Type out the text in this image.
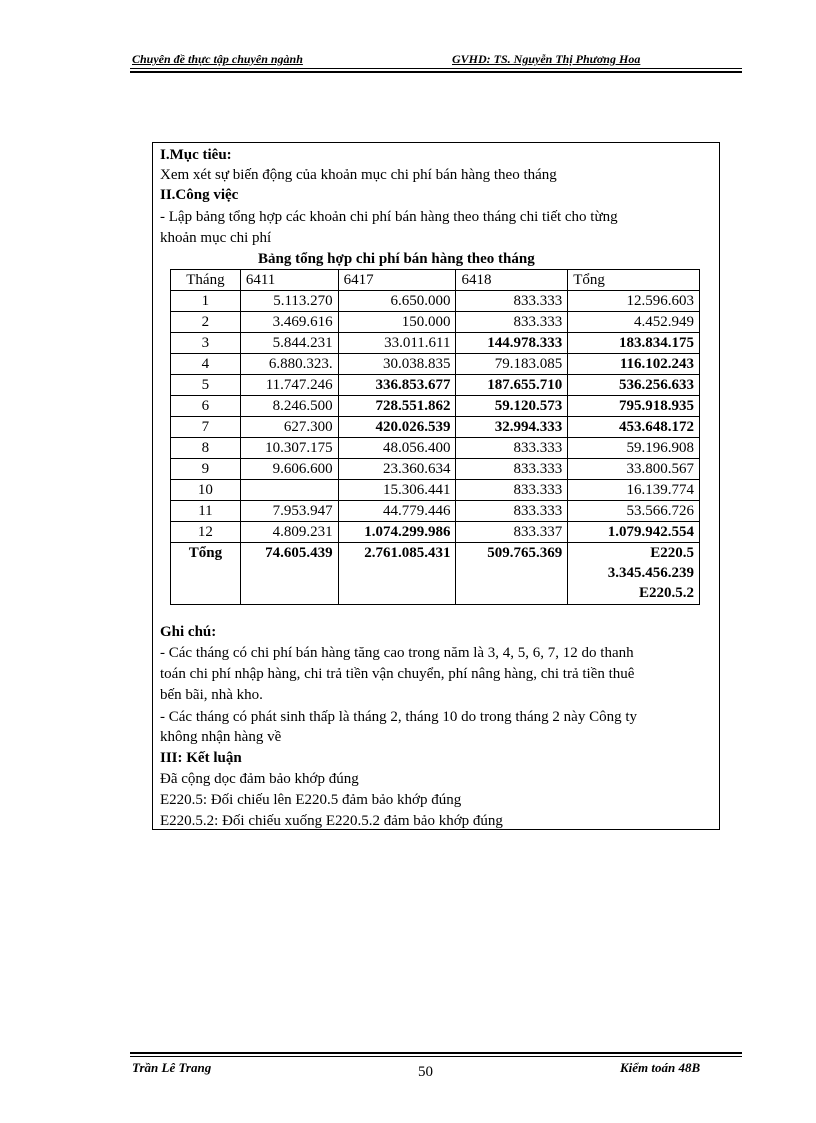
Chuyên đề thực tập chuyên ngành	GVHD: TS. Nguyễn Thị Phương Hoa
I.Mục tiêu:
Xem xét sự biến động của khoản mục chi phí bán hàng theo tháng
II.Công việc
- Lập bảng tổng hợp các khoản chi phí bán hàng theo tháng chi tiết cho từng
khoản mục chi phí
Bảng tổng hợp chi phí bán hàng theo tháng
Tháng	6411	6417	6418	Tổng
1	5.113.270	6.650.000	833.333	12.596.603
2	3.469.616	150.000	833.333	4.452.949
3	5.844.231	33.011.611	144.978.333	183.834.175
4	6.880.323.	30.038.835	79.183.085	116.102.243
5	11.747.246	336.853.677	187.655.710	536.256.633
6	8.246.500	728.551.862	59.120.573	795.918.935
7	627.300	420.026.539	32.994.333	453.648.172
8	10.307.175	48.056.400	833.333	59.196.908
9	9.606.600	23.360.634	833.333	33.800.567
10		15.306.441	833.333	16.139.774
11	7.953.947	44.779.446	833.333	53.566.726
12	4.809.231	1.074.299.986	833.337	1.079.942.554
Tổng	74.605.439	2.761.085.431	509.765.369	E220.5
3.345.456.239
E220.5.2
Ghi chú:
- Các tháng có chi phí bán hàng tăng cao trong năm là 3, 4, 5, 6, 7, 12 do thanh
toán chi phí nhập hàng, chi trả tiền vận chuyển, phí nâng hàng, chi trả tiền thuê
bến bãi, nhà kho.
- Các tháng có phát sinh thấp là tháng 2, tháng 10 do trong tháng 2 này Công ty
không nhận hàng về
III: Kết luận
Đã cộng dọc đảm bảo khớp đúng
E220.5: Đối chiếu lên E220.5 đảm bảo khớp đúng
E220.5.2: Đối chiếu xuống E220.5.2 đảm bảo khớp đúng
Trần Lê Trang	50	Kiểm toán 48B
